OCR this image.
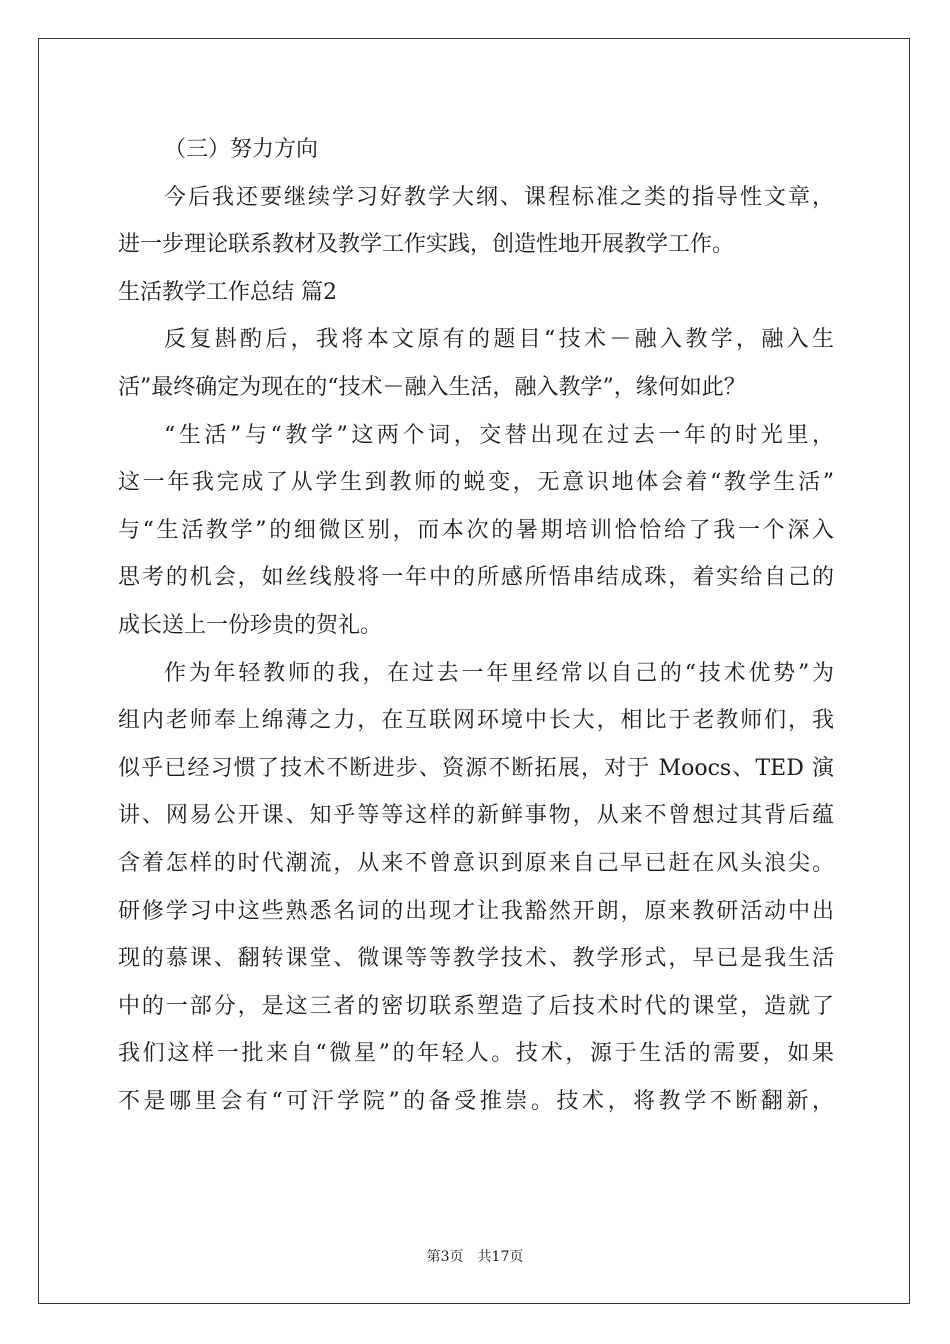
（三）努力方向
今后我还要继续学习好教学大纲、课程标准之类的指导性文章，
进一步理论联系教材及教学工作实践，创造性地开展教学工作。
生活教学工作总结 篇2
反复斟酌后，我将本文原有的题目“技术－融入教学，融入生
活”最终确定为现在的“技术－融入生活，融入教学”，缘何如此？
“生活”与“教学”这两个词，交替出现在过去一年的时光里，
这一年我完成了从学生到教师的蜕变，无意识地体会着“教学生活”
与“生活教学”的细微区别，而本次的暑期培训恰恰给了我一个深入
思考的机会，如丝线般将一年中的所感所悟串结成珠，着实给自己的
成长送上一份珍贵的贺礼。
作为年轻教师的我，在过去一年里经常以自己的“技术优势”为
组内老师奉上绵薄之力，在互联网环境中长大，相比于老教师们，我
似乎已经习惯了技术不断进步、资源不断拓展，对于 Moocs、TED 演
讲、网易公开课、知乎等等这样的新鲜事物，从来不曾想过其背后蕴
含着怎样的时代潮流，从来不曾意识到原来自己早已赶在风头浪尖。
研修学习中这些熟悉名词的出现才让我豁然开朗，原来教研活动中出
现的慕课、翻转课堂、微课等等教学技术、教学形式，早已是我生活
中的一部分，是这三者的密切联系塑造了后技术时代的课堂，造就了
我们这样一批来自“微星”的年轻人。技术，源于生活的需要，如果
不是哪里会有“可汗学院”的备受推崇。技术，将教学不断翻新，
第3页　共17页
